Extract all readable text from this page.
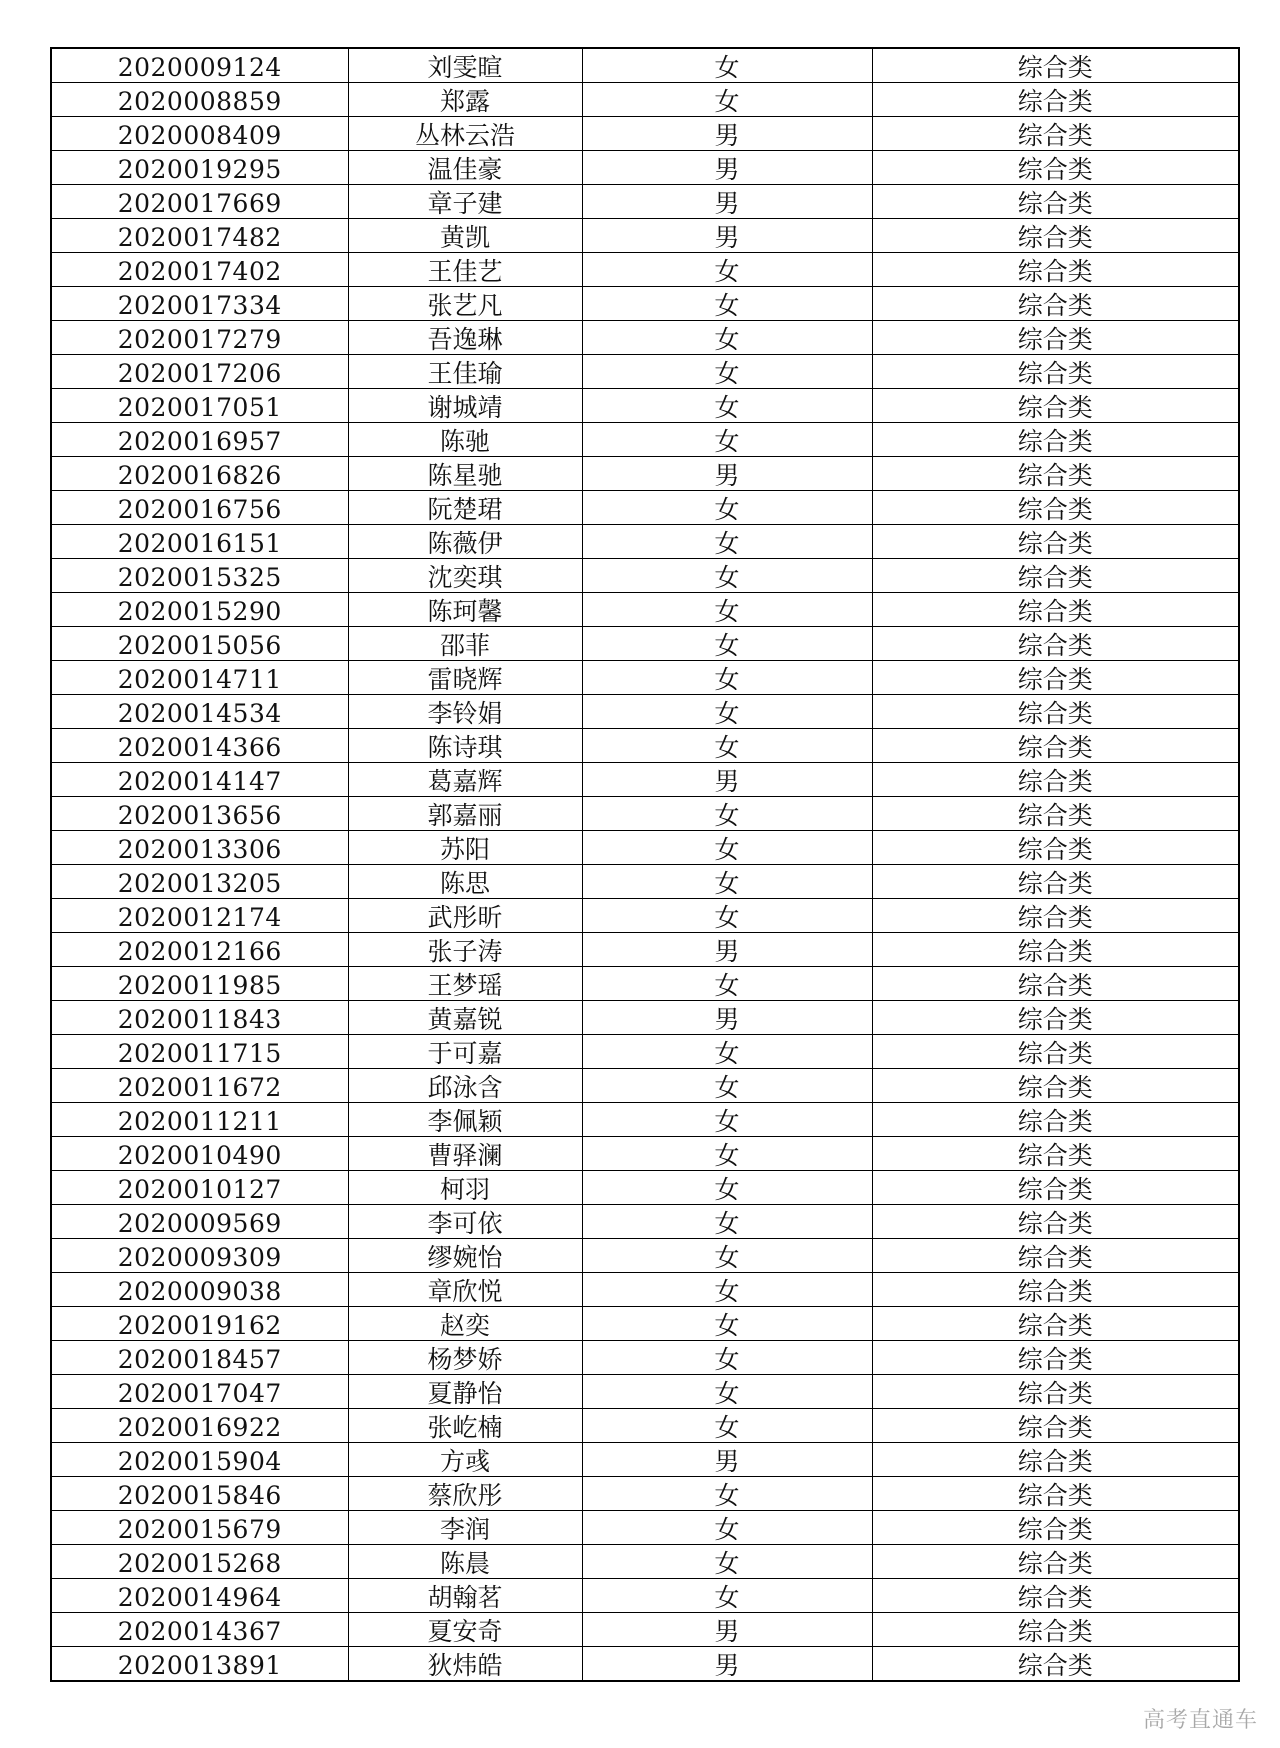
2020009124	刘雯暄	女	综合类
2020008859	郑露	女	综合类
2020008409	丛林云浩	男	综合类
2020019295	温佳豪	男	综合类
2020017669	章子建	男	综合类
2020017482	黄凯	男	综合类
2020017402	王佳艺	女	综合类
2020017334	张艺凡	女	综合类
2020017279	吾逸琳	女	综合类
2020017206	王佳瑜	女	综合类
2020017051	谢城靖	女	综合类
2020016957	陈驰	女	综合类
2020016826	陈星驰	男	综合类
2020016756	阮楚珺	女	综合类
2020016151	陈薇伊	女	综合类
2020015325	沈奕琪	女	综合类
2020015290	陈珂馨	女	综合类
2020015056	邵菲	女	综合类
2020014711	雷晓辉	女	综合类
2020014534	李铃娟	女	综合类
2020014366	陈诗琪	女	综合类
2020014147	葛嘉辉	男	综合类
2020013656	郭嘉丽	女	综合类
2020013306	苏阳	女	综合类
2020013205	陈思	女	综合类
2020012174	武彤昕	女	综合类
2020012166	张子涛	男	综合类
2020011985	王梦瑶	女	综合类
2020011843	黄嘉锐	男	综合类
2020011715	于可嘉	女	综合类
2020011672	邱泳含	女	综合类
2020011211	李佩颖	女	综合类
2020010490	曹驿澜	女	综合类
2020010127	柯羽	女	综合类
2020009569	李可依	女	综合类
2020009309	缪婉怡	女	综合类
2020009038	章欣悦	女	综合类
2020019162	赵奕	女	综合类
2020018457	杨梦娇	女	综合类
2020017047	夏静怡	女	综合类
2020016922	张屹楠	女	综合类
2020015904	方彧	男	综合类
2020015846	蔡欣彤	女	综合类
2020015679	李润	女	综合类
2020015268	陈晨	女	综合类
2020014964	胡翰茗	女	综合类
2020014367	夏安奇	男	综合类
2020013891	狄炜皓	男	综合类
高考直通车
